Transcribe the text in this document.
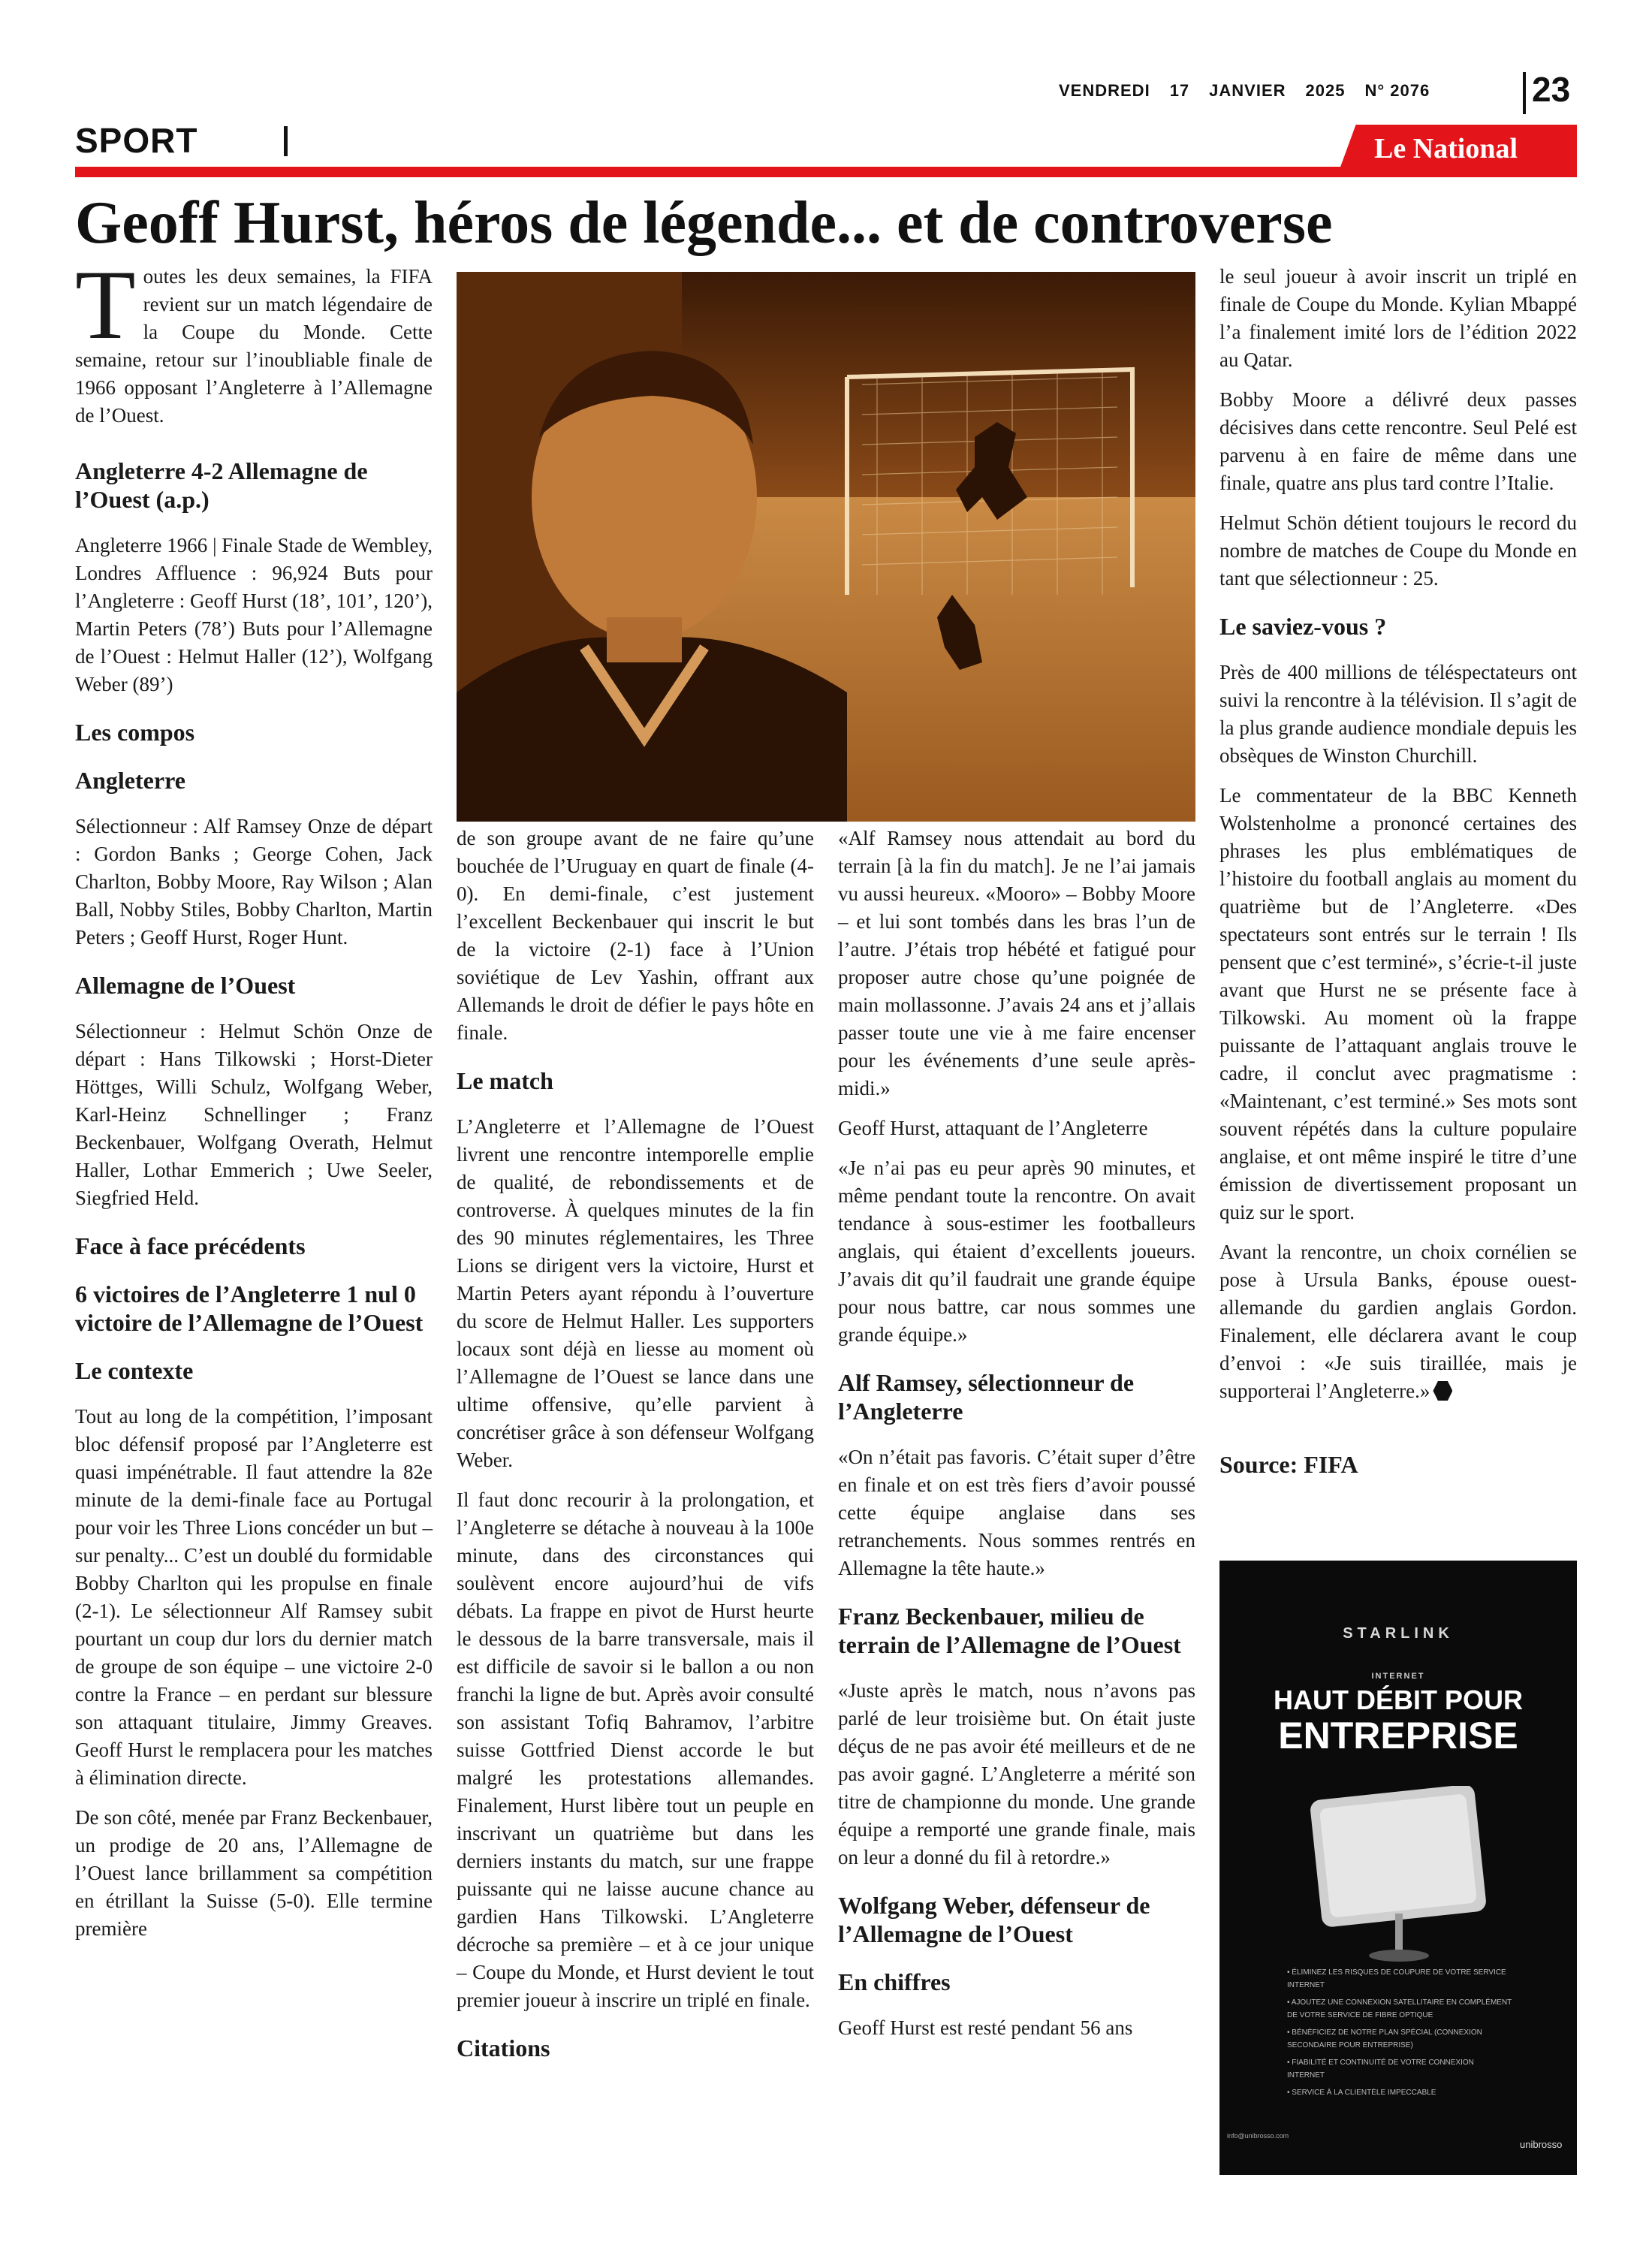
VENDREDI 17 JANVIER 2025 N° 2076	23
SPORT	Le National
Geoff Hurst, héros de légende... et de controverse

Toutes les deux semaines, la FIFA revient sur un match légendaire de la Coupe du Monde. Cette semaine, retour sur l’inoubliable finale de 1966 opposant l’Angleterre à l’Allemagne de l’Ouest.

Angleterre 4-2 Allemagne de l’Ouest (a.p.)

Angleterre 1966 | Finale Stade de Wembley, Londres Affluence : 96,924 Buts pour l’Angleterre : Geoff Hurst (18’, 101’, 120’), Martin Peters (78’) Buts pour l’Allemagne de l’Ouest : Helmut Haller (12’), Wolfgang Weber (89’)

Les compos
Angleterre

Sélectionneur : Alf Ramsey Onze de départ : Gordon Banks ; George Cohen, Jack Charlton, Bobby Moore, Ray Wilson ; Alan Ball, Nobby Stiles, Bobby Charlton, Martin Peters ; Geoff Hurst, Roger Hunt.

Allemagne de l’Ouest

Sélectionneur : Helmut Schön Onze de départ : Hans Tilkowski ; Horst-Dieter Höttges, Willi Schulz, Wolfgang Weber, Karl-Heinz Schnellinger ; Franz Beckenbauer, Wolfgang Overath, Helmut Haller, Lothar Emmerich ; Uwe Seeler, Siegfried Held.

Face à face précédents
6 victoires de l’Angleterre 1 nul 0 victoire de l’Allemagne de l’Ouest
Le contexte

Tout au long de la compétition, l’imposant bloc défensif proposé par l’Angleterre est quasi impénétrable. Il faut attendre la 82e minute de la demi-finale face au Portugal pour voir les Three Lions concéder un but – sur penalty... C’est un doublé du formidable Bobby Charlton qui les propulse en finale (2-1). Le sélectionneur Alf Ramsey subit pourtant un coup dur lors du dernier match de groupe de son équipe – une victoire 2-0 contre la France – en perdant sur blessure son attaquant titulaire, Jimmy Greaves. Geoff Hurst le remplacera pour les matches à élimination directe.

De son côté, menée par Franz Beckenbauer, un prodige de 20 ans, l’Allemagne de l’Ouest lance brillamment sa compétition en étrillant la Suisse (5-0). Elle termine première

de son groupe avant de ne faire qu’une bouchée de l’Uruguay en quart de finale (4-0). En demi-finale, c’est justement l’excellent Beckenbauer qui inscrit le but de la victoire (2-1) face à l’Union soviétique de Lev Yashin, offrant aux Allemands le droit de défier le pays hôte en finale.

Le match

L’Angleterre et l’Allemagne de l’Ouest livrent une rencontre intemporelle emplie de qualité, de rebondissements et de controverse. À quelques minutes de la fin des 90 minutes réglementaires, les Three Lions se dirigent vers la victoire, Hurst et Martin Peters ayant répondu à l’ouverture du score de Helmut Haller. Les supporters locaux sont déjà en liesse au moment où l’Allemagne de l’Ouest se lance dans une ultime offensive, qu’elle parvient à concrétiser grâce à son défenseur Wolfgang Weber.

Il faut donc recourir à la prolongation, et l’Angleterre se détache à nouveau à la 100e minute, dans des circonstances qui soulèvent encore aujourd’hui de vifs débats. La frappe en pivot de Hurst heurte le dessous de la barre transversale, mais il est difficile de savoir si le ballon a ou non franchi la ligne de but. Après avoir consulté son assistant Tofiq Bahramov, l’arbitre suisse Gottfried Dienst accorde le but malgré les protestations allemandes. Finalement, Hurst libère tout un peuple en inscrivant un quatrième but dans les derniers instants du match, sur une frappe puissante qui ne laisse aucune chance au gardien Hans Tilkowski. L’Angleterre décroche sa première – et à ce jour unique – Coupe du Monde, et Hurst devient le tout premier joueur à inscrire un triplé en finale.

Citations

«Alf Ramsey nous attendait au bord du terrain [à la fin du match]. Je ne l’ai jamais vu aussi heureux. «Mooro» – Bobby Moore – et lui sont tombés dans les bras l’un de l’autre. J’étais trop hébété et fatigué pour proposer autre chose qu’une poignée de main mollassonne. J’avais 24 ans et j’allais passer toute une vie à me faire encenser pour les événements d’une seule après-midi.»

Geoff Hurst, attaquant de l’Angleterre

«Je n’ai pas eu peur après 90 minutes, et même pendant toute la rencontre. On avait tendance à sous-estimer les footballeurs anglais, qui étaient d’excellents joueurs. J’avais dit qu’il faudrait une grande équipe pour nous battre, car nous sommes une grande équipe.»

Alf Ramsey, sélectionneur de l’Angleterre

«On n’était pas favoris. C’était super d’être en finale et on est très fiers d’avoir poussé cette équipe anglaise dans ses retranchements. Nous sommes rentrés en Allemagne la tête haute.»

Franz Beckenbauer, milieu de terrain de l’Allemagne de l’Ouest

«Juste après le match, nous n’avons pas parlé de leur troisième but. On était juste déçus de ne pas avoir été meilleurs et de ne pas avoir gagné. L’Angleterre a mérité son titre de championne du monde. Une grande équipe a remporté une grande finale, mais on leur a donné du fil à retordre.»

Wolfgang Weber, défenseur de l’Allemagne de l’Ouest
En chiffres

Geoff Hurst est resté pendant 56 ans

le seul joueur à avoir inscrit un triplé en finale de Coupe du Monde. Kylian Mbappé l’a finalement imité lors de l’édition 2022 au Qatar.

Bobby Moore a délivré deux passes décisives dans cette rencontre. Seul Pelé est parvenu à en faire de même dans une finale, quatre ans plus tard contre l’Italie.

Helmut Schön détient toujours le record du nombre de matches de Coupe du Monde en tant que sélectionneur : 25.

Le saviez-vous ?

Près de 400 millions de téléspectateurs ont suivi la rencontre à la télévision. Il s’agit de la plus grande audience mondiale depuis les obsèques de Winston Churchill.

Le commentateur de la BBC Kenneth Wolstenholme a prononcé certaines des phrases les plus emblématiques de l’histoire du football anglais au moment du quatrième but de l’Angleterre. «Des spectateurs sont entrés sur le terrain ! Ils pensent que c’est terminé», s’écrie-t-il juste avant que Hurst ne se présente face à Tilkowski. Au moment où la frappe puissante de l’attaquant anglais trouve le cadre, il conclut avec pragmatisme : «Maintenant, c’est terminé.» Ses mots sont souvent répétés dans la culture populaire anglaise, et ont même inspiré le titre d’une émission de divertissement proposant un quiz sur le sport.

Avant la rencontre, un choix cornélien se pose à Ursula Banks, épouse ouest-allemande du gardien anglais Gordon. Finalement, elle déclarera avant le coup d’envoi : «Je suis tiraillée, mais je supporterai l’Angleterre.»

Source: FIFA
STARLINK
INTERNET
HAUT DÉBIT POUR
ENTREPRISE
• ÉLIMINEZ LES RISQUES DE COUPURE DE VOTRE SERVICE INTERNET
• AJOUTEZ UNE CONNEXION SATELLITAIRE EN COMPLÉMENT DE VOTRE SERVICE DE FIBRE OPTIQUE
• BÉNÉFICIEZ DE NOTRE PLAN SPÉCIAL (CONNEXION SECONDAIRE POUR ENTREPRISE)
• FIABILITÉ ET CONTINUITÉ DE VOTRE CONNEXION INTERNET
• SERVICE À LA CLIENTÈLE IMPECCABLE
info@unibrosso.com
unibrosso
